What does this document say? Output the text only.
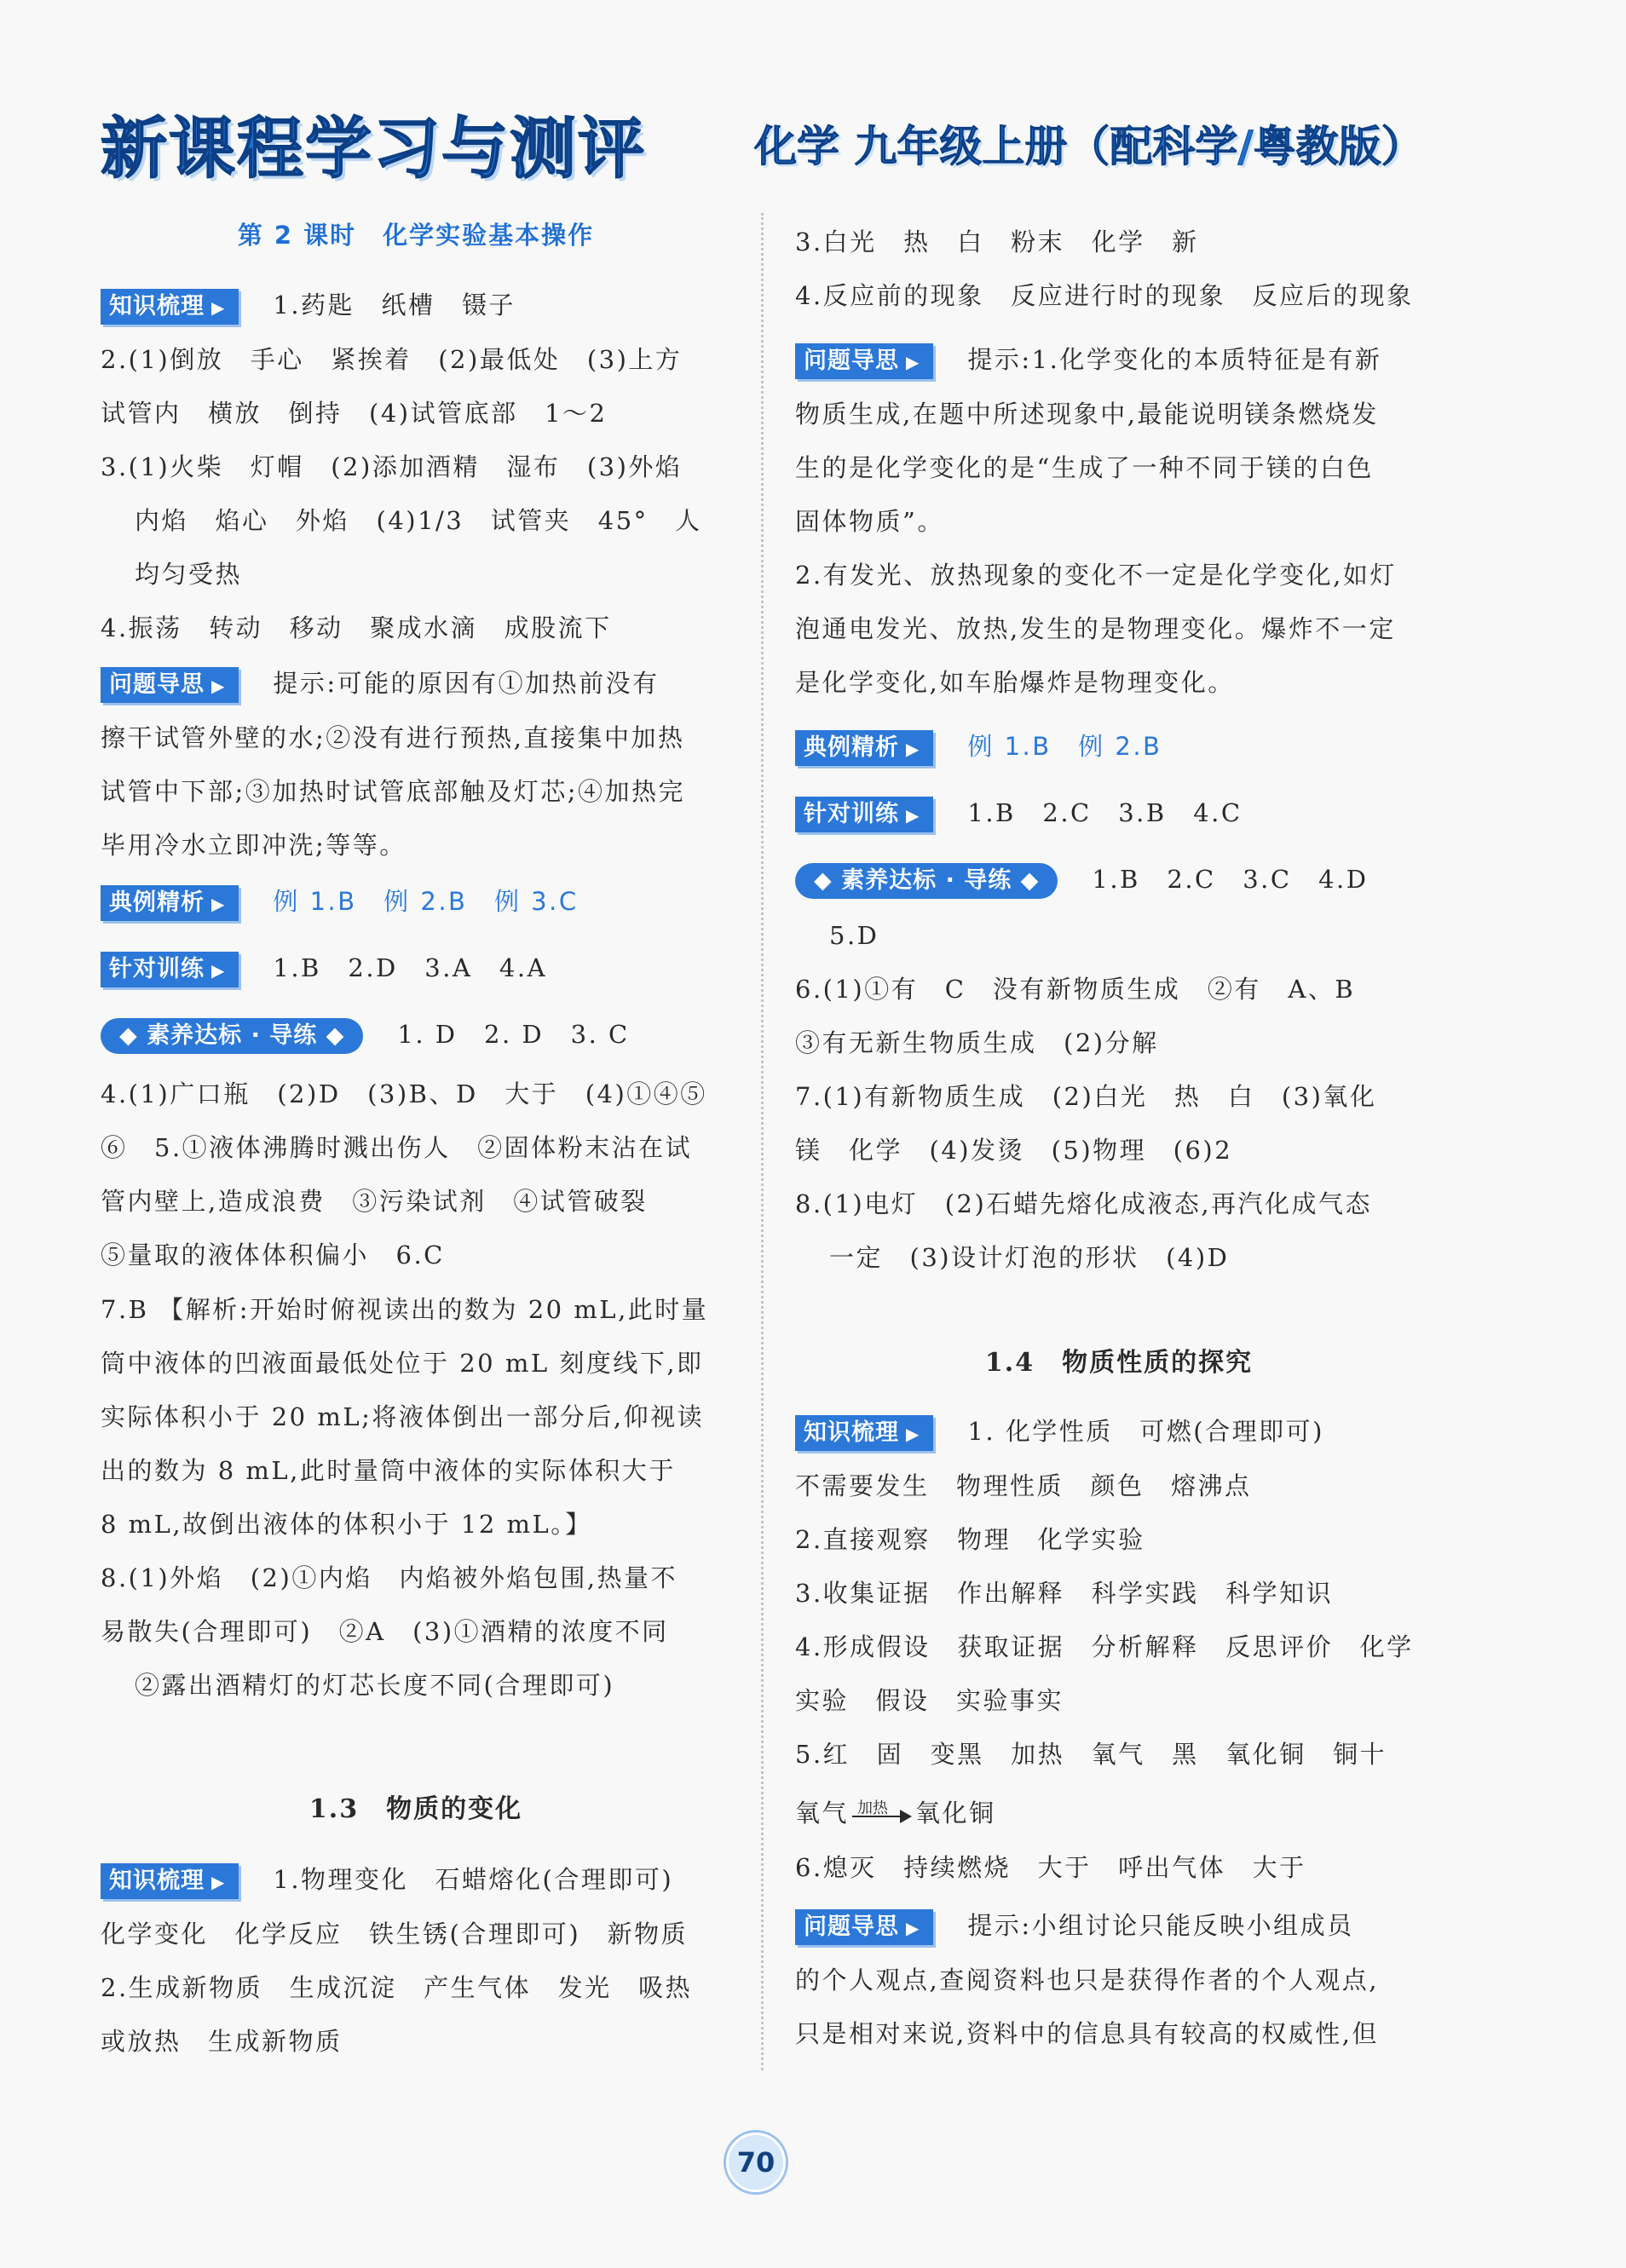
新课程学习与测评	化学 九年级上册（配科学/粤教版）
第 2 课时　化学实验基本操作
知识梳理 ▶ 1.药匙　纸槽　镊子
2.(1)倒放　手心　紧挨着　(2)最低处　(3)上方
试管内　横放　倒持　(4)试管底部　1～2
3.(1)火柴　灯帽　(2)添加酒精　湿布　(3)外焰
内焰　焰心　外焰　(4)1/3　试管夹　45°　人
均匀受热
4.振荡　转动　移动　聚成水滴　成股流下
问题导思 ▶ 提示:可能的原因有①加热前没有
擦干试管外壁的水;②没有进行预热,直接集中加热
试管中下部;③加热时试管底部触及灯芯;④加热完
毕用冷水立即冲洗;等等。
典例精析 ▶ 例 1.B　例 2.B　例 3.C
针对训练 ▶ 1.B　2.D　3.A　4.A
◆ 素养达标 · 导练 ◆ 1. D　2. D　3. C
4.(1)广口瓶　(2)D　(3)B、D　大于　(4)①④⑤
⑥　5.①液体沸腾时溅出伤人　②固体粉末沾在试
管内壁上,造成浪费　③污染试剂　④试管破裂
⑤量取的液体体积偏小　6.C
7.B 【解析:开始时俯视读出的数为 20 mL,此时量
筒中液体的凹液面最低处位于 20 mL 刻度线下,即
实际体积小于 20 mL;将液体倒出一部分后,仰视读
出的数为 8 mL,此时量筒中液体的实际体积大于
8 mL,故倒出液体的体积小于 12 mL。】
8.(1)外焰　(2)①内焰　内焰被外焰包围,热量不
易散失(合理即可)　②A　(3)①酒精的浓度不同
②露出酒精灯的灯芯长度不同(合理即可)
1.3　物质的变化
知识梳理 ▶ 1.物理变化　石蜡熔化(合理即可)
化学变化　化学反应　铁生锈(合理即可)　新物质
2.生成新物质　生成沉淀　产生气体　发光　吸热
或放热　生成新物质
3.白光　热　白　粉末　化学　新
4.反应前的现象　反应进行时的现象　反应后的现象
问题导思 ▶ 提示:1.化学变化的本质特征是有新
物质生成,在题中所述现象中,最能说明镁条燃烧发
生的是化学变化的是“生成了一种不同于镁的白色
固体物质”。
2.有发光、放热现象的变化不一定是化学变化,如灯
泡通电发光、放热,发生的是物理变化。爆炸不一定
是化学变化,如车胎爆炸是物理变化。
典例精析 ▶ 例 1.B　例 2.B
针对训练 ▶ 1.B　2.C　3.B　4.C
◆ 素养达标 · 导练 ◆ 1.B　2.C　3.C　4.D
5.D
6.(1)①有　C　没有新物质生成　②有　A、B
③有无新生物质生成　(2)分解
7.(1)有新物质生成　(2)白光　热　白　(3)氧化
镁　化学　(4)发烫　(5)物理　(6)2
8.(1)电灯　(2)石蜡先熔化成液态,再汽化成气态
一定　(3)设计灯泡的形状　(4)D
1.4　物质性质的探究
知识梳理 ▶ 1. 化学性质　可燃(合理即可)
不需要发生　物理性质　颜色　熔沸点
2.直接观察　物理　化学实验
3.收集证据　作出解释　科学实践　科学知识
4.形成假设　获取证据　分析解释　反思评价　化学
实验　假设　实验事实
5.红　固　变黑　加热　氧气　黑　氧化铜　铜十
氧气 加热 氧化铜
6.熄灭　持续燃烧　大于　呼出气体　大于
问题导思 ▶ 提示:小组讨论只能反映小组成员
的个人观点,查阅资料也只是获得作者的个人观点,
只是相对来说,资料中的信息具有较高的权威性,但
70
